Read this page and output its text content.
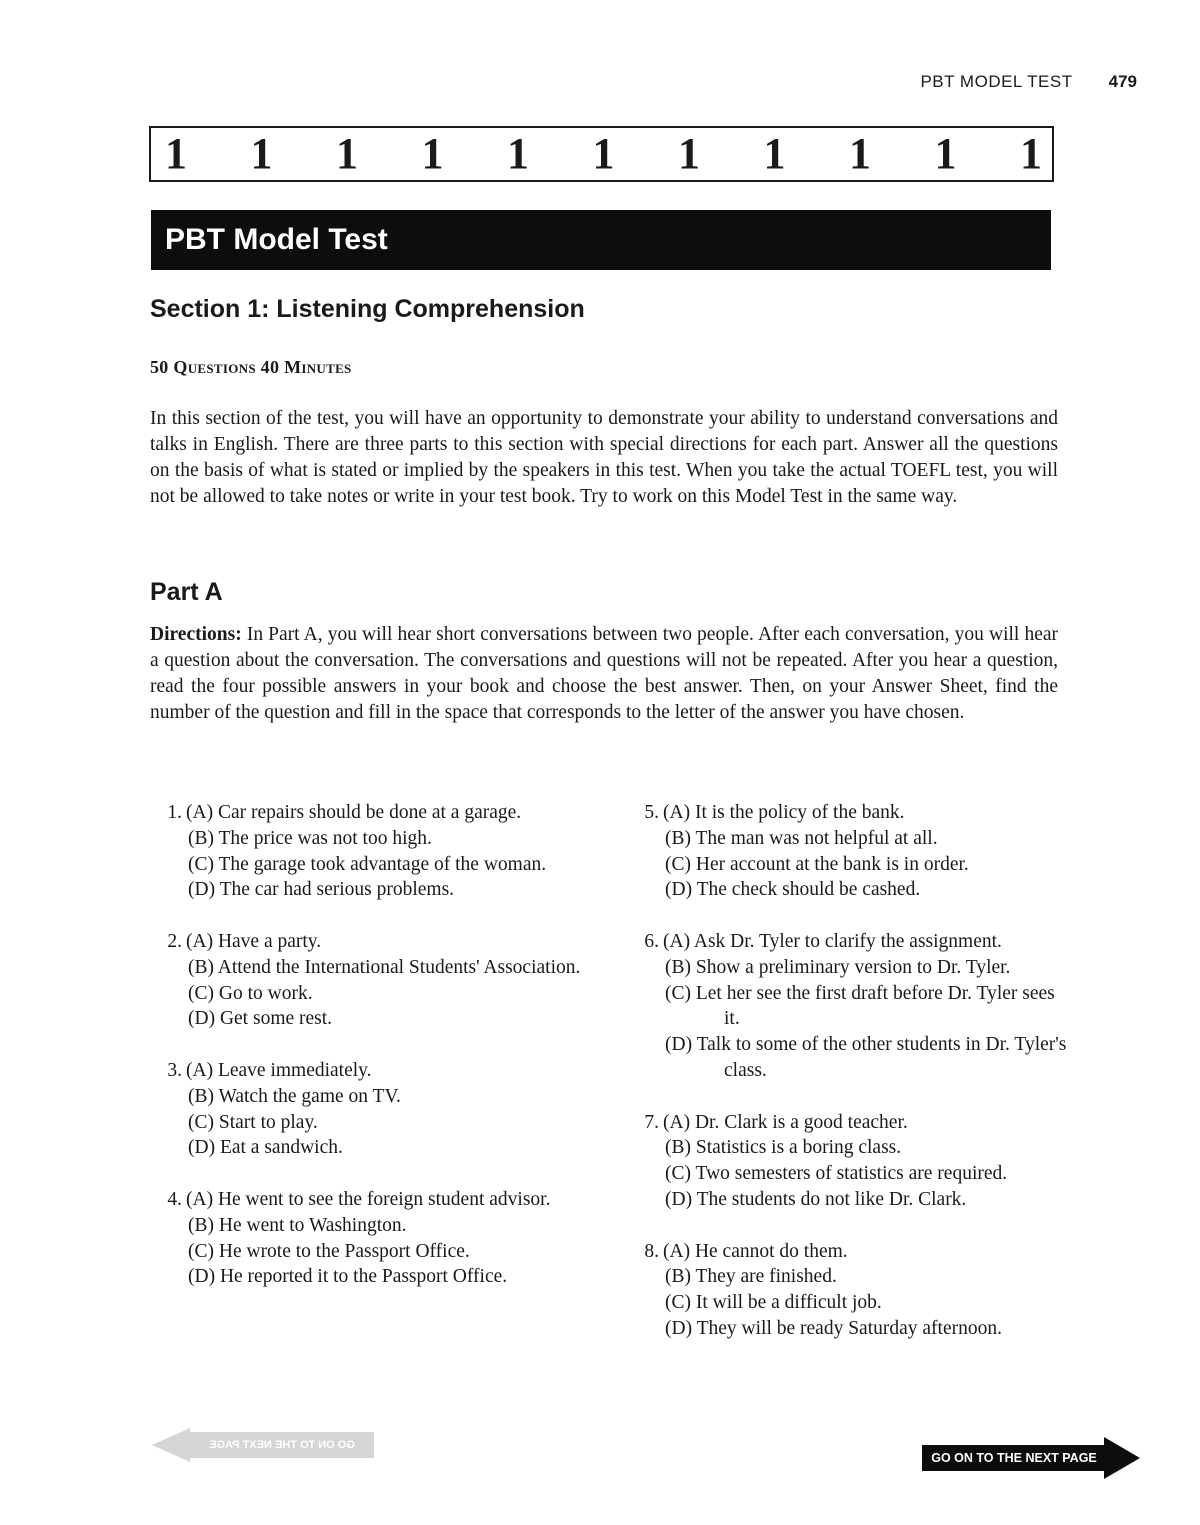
PBT MODEL TEST 479
1 1 1 1 1 1 1 1 1 1 1
PBT Model Test
Section 1: Listening Comprehension
50 Questions 40 Minutes

In this section of the test, you will have an opportunity to demonstrate your ability to understand conversations and talks in English. There are three parts to this section with special directions for each part. Answer all the questions on the basis of what is stated or implied by the speakers in this test. When you take the actual TOEFL test, you will not be allowed to take notes or write in your test book. Try to work on this Model Test in the same way.

Part A

Directions: In Part A, you will hear short conversations between two people. After each conversation, you will hear a question about the conversation. The conversations and questions will not be repeated. After you hear a question, read the four possible answers in your book and choose the best answer. Then, on your Answer Sheet, find the number of the question and fill in the space that corresponds to the letter of the answer you have chosen.

1. (A) Car repairs should be done at a garage.
(B) The price was not too high.
(C) The garage took advantage of the woman.
(D) The car had serious problems.
2. (A) Have a party.
(B) Attend the International Students' Association.
(C) Go to work.
(D) Get some rest.
3. (A) Leave immediately.
(B) Watch the game on TV.
(C) Start to play.
(D) Eat a sandwich.
4. (A) He went to see the foreign student advisor.
(B) He went to Washington.
(C) He wrote to the Passport Office.
(D) He reported it to the Passport Office.
5. (A) It is the policy of the bank.
(B) The man was not helpful at all.
(C) Her account at the bank is in order.
(D) The check should be cashed.
6. (A) Ask Dr. Tyler to clarify the assignment.
(B) Show a preliminary version to Dr. Tyler.
(C) Let her see the first draft before Dr. Tyler sees it.
(D) Talk to some of the other students in Dr. Tyler's class.
7. (A) Dr. Clark is a good teacher.
(B) Statistics is a boring class.
(C) Two semesters of statistics are required.
(D) The students do not like Dr. Clark.
8. (A) He cannot do them.
(B) They are finished.
(C) It will be a difficult job.
(D) They will be ready Saturday afternoon.
GO ON TO THE NEXT PAGE
GO ON TO THE NEXT PAGE
